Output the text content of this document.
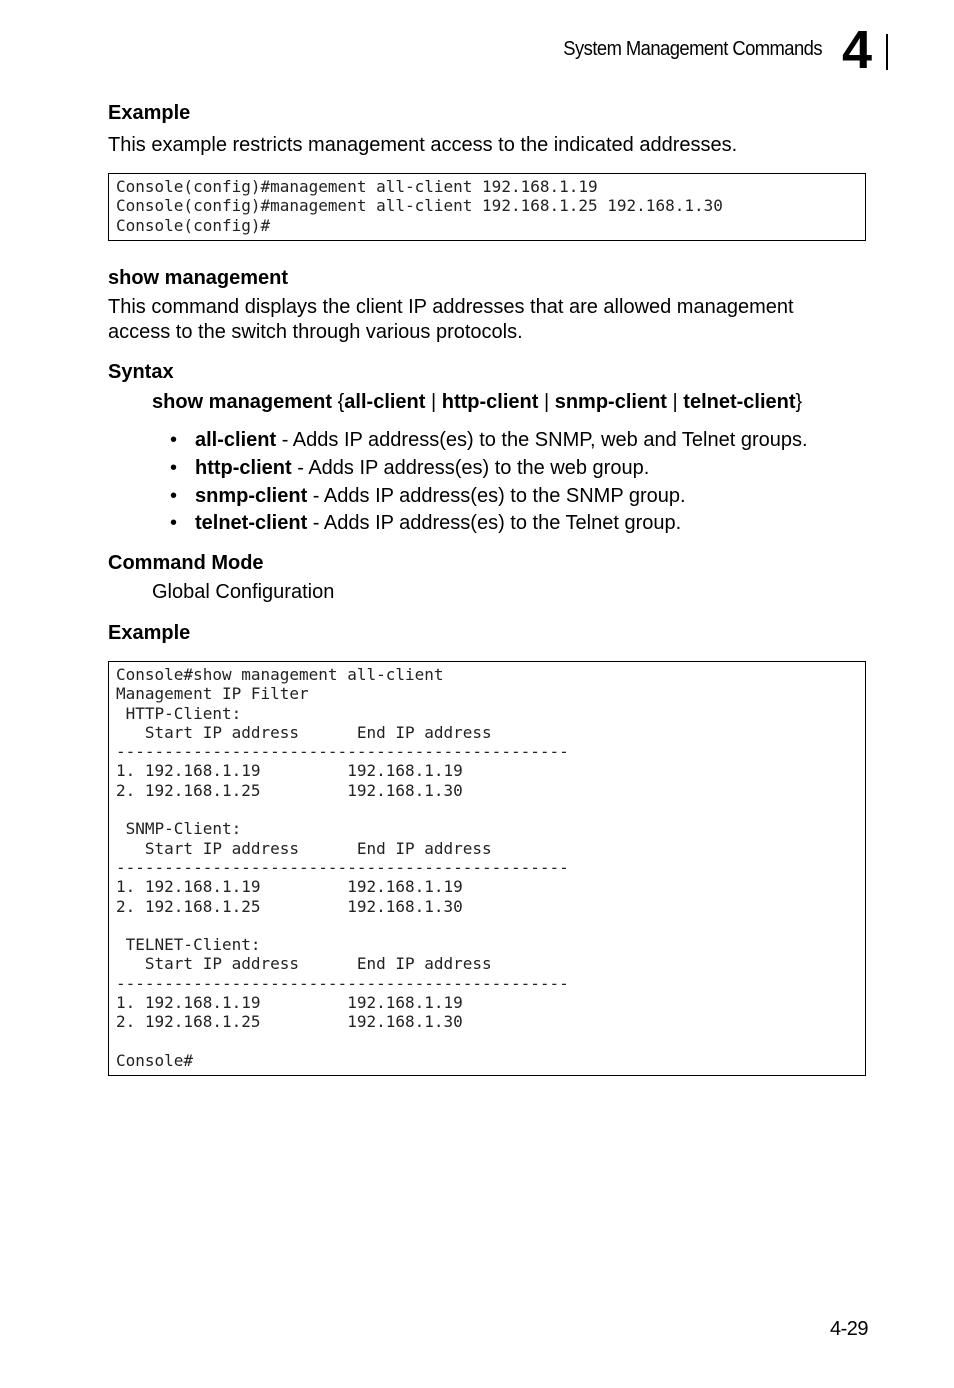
System Management Commands 4
Example
This example restricts management access to the indicated addresses.
Console(config)#management all-client 192.168.1.19
Console(config)#management all-client 192.168.1.25 192.168.1.30
Console(config)#
show management
This command displays the client IP addresses that are allowed management
access to the switch through various protocols.
Syntax
show management {all-client | http-client | snmp-client | telnet-client}
• all-client - Adds IP address(es) to the SNMP, web and Telnet groups.
• http-client - Adds IP address(es) to the web group.
• snmp-client - Adds IP address(es) to the SNMP group.
• telnet-client - Adds IP address(es) to the Telnet group.
Command Mode
Global Configuration
Example
Console#show management all-client
Management IP Filter
HTTP-Client:
Start IP address      End IP address
-----------------------------------------------
1. 192.168.1.19         192.168.1.19
2. 192.168.1.25         192.168.1.30
SNMP-Client:
Start IP address      End IP address
-----------------------------------------------
1. 192.168.1.19         192.168.1.19
2. 192.168.1.25         192.168.1.30
TELNET-Client:
Start IP address      End IP address
-----------------------------------------------
1. 192.168.1.19         192.168.1.19
2. 192.168.1.25         192.168.1.30
Console#
4-29
